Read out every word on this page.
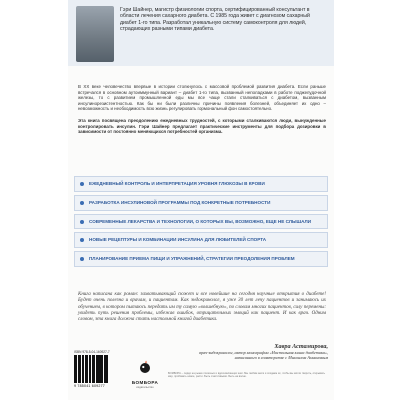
Гэри Шайнер, магистр физиологии спорта, сертифицированный консультант в области лечения сахарного диабета. С 1985 года живет с диагнозом сахарный диабет 1-го типа. Разработал уникальную систему самоконтроля для людей, страдающих разными типами диабета.

В XX веке человечество впервые в истории столкнулось с массовой проблемой развития диабета. Если раньше встречался в основном аутоиммунный вариант – диабет 1-го типа, вызванный неполадками в работе поджелудочной железы, то с развитием промышленной еды мы все чаще стали сталкиваться с диабетом, вызванным инсулинорезистентностью. Как бы ни были различны причины появления болезней, объединяет их одно – невозможность и необходимость всю жизнь регулировать гормональный фон самостоятельно.

Эта книга посвящена преодолению ежедневных трудностей, с которыми сталкиваются люди, вынужденные контролировать инсулин. Гэри Шайнер предлагает практические инструменты для подбора дозировки в зависимости от постоянно меняющихся потребностей организма.

ЕЖЕДНЕВНЫЙ КОНТРОЛЬ И ИНТЕРПРЕТАЦИЯ УРОВНЯ ГЛЮКОЗЫ В КРОВИ
РАЗРАБОТКА ИНСУЛИНОВОЙ ПРОГРАММЫ ПОД КОНКРЕТНЫЕ ПОТРЕБНОСТИ
СОВРЕМЕННЫЕ ЛЕКАРСТВА И ТЕХНОЛОГИИ, О КОТОРЫХ ВЫ, ВОЗМОЖНО, ЕЩЕ НЕ СЛЫШАЛИ
НОВЫЕ РЕЦЕПТУРЫ И КОМБИНАЦИИ ИНСУЛИНА ДЛЯ ЛЮБИТЕЛЕЙ СПОРТА
ПЛАНИРОВАНИЕ ПРИЕМА ПИЩИ И УПРАЖНЕНИЙ, СТРАТЕГИИ ПРЕОДОЛЕНИЯ ПРОБЛЕМ
Книга написана как роман: захватывающий сюжет и все новейшие на сегодня научные открытия о диабете! Будет очень полезна и врачам, и пациентам. Как эндокринолог, я уже 30 лет лечу пациентов и занимаюсь их обучением, в котором пытаюсь передать им ту самую «волшебную», по словам многих пациентов, силу перемены: увидеть путь решения проблемы, избежав ошибок, отрицательных эмоций как пациент. И как врач. Одним словом, эта книга должна стать настольной книгой диабетика.
Хавра Астамирова,
врач-эндокринолог, автор монографии «Настольная книга диабетика», написанного в соавторстве с Михаилом Ахмановым
ISBN 978-5-04-160927-7
9 785041 609277
БОМБОРА
издательство
БОМБОРА – лидер на рынке полезных и вдохновляющих книг. Мы любим книги и создаем их, чтобы вы могли творить, открывать мир, пробовать новое, расти. Быть счастливыми. Быть на волне.
